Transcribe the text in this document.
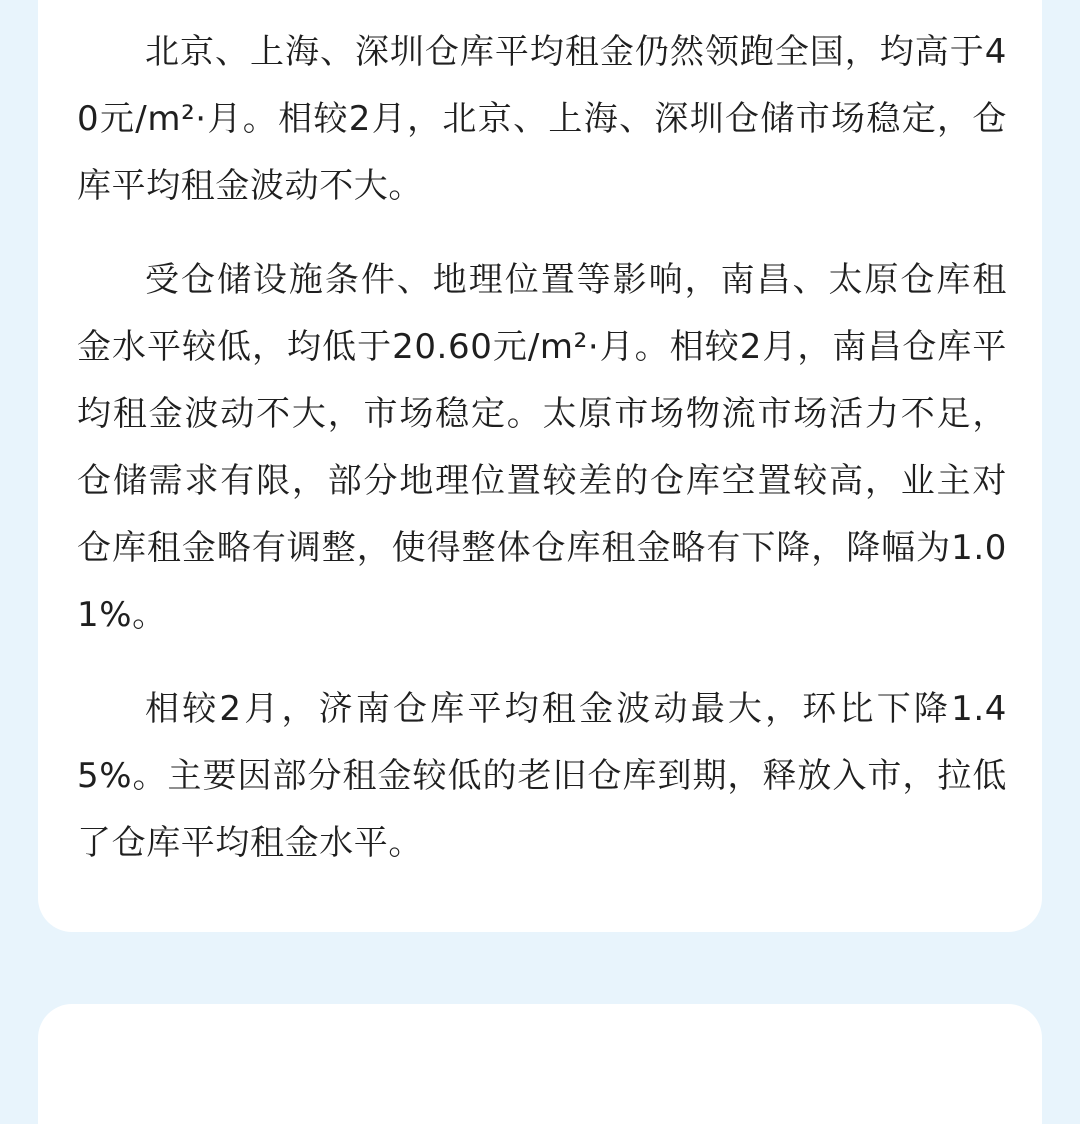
北京、上海、深圳仓库平均租金仍然领跑全国，均高于40元/m²·月。相较2月，北京、上海、深圳仓储市场稳定，仓库平均租金波动不大。

受仓储设施条件、地理位置等影响，南昌、太原仓库租金水平较低，均低于20.60元/m²·月。相较2月，南昌仓库平均租金波动不大，市场稳定。太原市场物流市场活力不足，仓储需求有限，部分地理位置较差的仓库空置较高，业主对仓库租金略有调整，使得整体仓库租金略有下降，降幅为1.01%。

相较2月，济南仓库平均租金波动最大，环比下降1.45%。主要因部分租金较低的老旧仓库到期，释放入市，拉低了仓库平均租金水平。
